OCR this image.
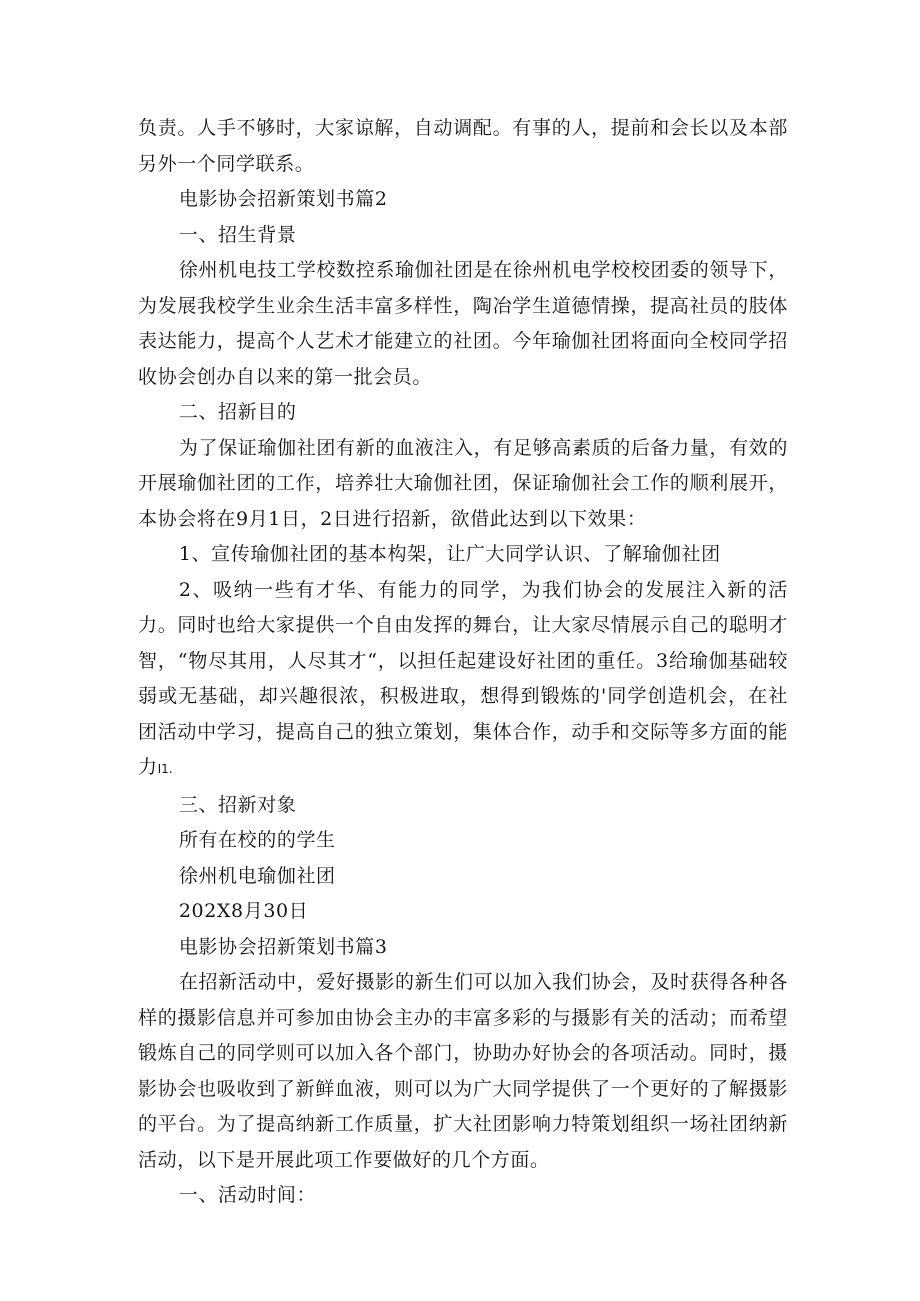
负责。人手不够时，大家谅解，自动调配。有事的人，提前和会长以及本部另外一个同学联系。

电影协会招新策划书篇2

一、招生背景

徐州机电技工学校数控系瑜伽社团是在徐州机电学校校团委的领导下，为发展我校学生业余生活丰富多样性，陶冶学生道德情操，提高社员的肢体表达能力，提高个人艺术才能建立的社团。今年瑜伽社团将面向全校同学招收协会创办自以来的第一批会员。

二、招新目的

为了保证瑜伽社团有新的血液注入，有足够高素质的后备力量，有效的开展瑜伽社团的工作，培养壮大瑜伽社团，保证瑜伽社会工作的顺利展开，本协会将在9月1日，2日进行招新，欲借此达到以下效果：

1、宣传瑜伽社团的基本构架，让广大同学认识、了解瑜伽社团

2、吸纳一些有才华、有能力的同学，为我们协会的发展注入新的活力。同时也给大家提供一个自由发挥的舞台，让大家尽情展示自己的聪明才智，“物尽其用，人尽其才“，以担任起建设好社团的重任。3给瑜伽基础较弱或无基础，却兴趣很浓，积极进取，想得到锻炼的'同学创造机会，在社团活动中学习，提高自己的独立策划，集体合作，动手和交际等多方面的能力I1.

三、招新对象

所有在校的的学生

徐州机电瑜伽社团

202X8月30日

电影协会招新策划书篇3

在招新活动中，爱好摄影的新生们可以加入我们协会，及时获得各种各样的摄影信息并可参加由协会主办的丰富多彩的与摄影有关的活动；而希望锻炼自己的同学则可以加入各个部门，协助办好协会的各项活动。同时，摄影协会也吸收到了新鲜血液，则可以为广大同学提供了一个更好的了解摄影的平台。为了提高纳新工作质量，扩大社团影响力特策划组织一场社团纳新活动，以下是开展此项工作要做好的几个方面。

一、活动时间：
